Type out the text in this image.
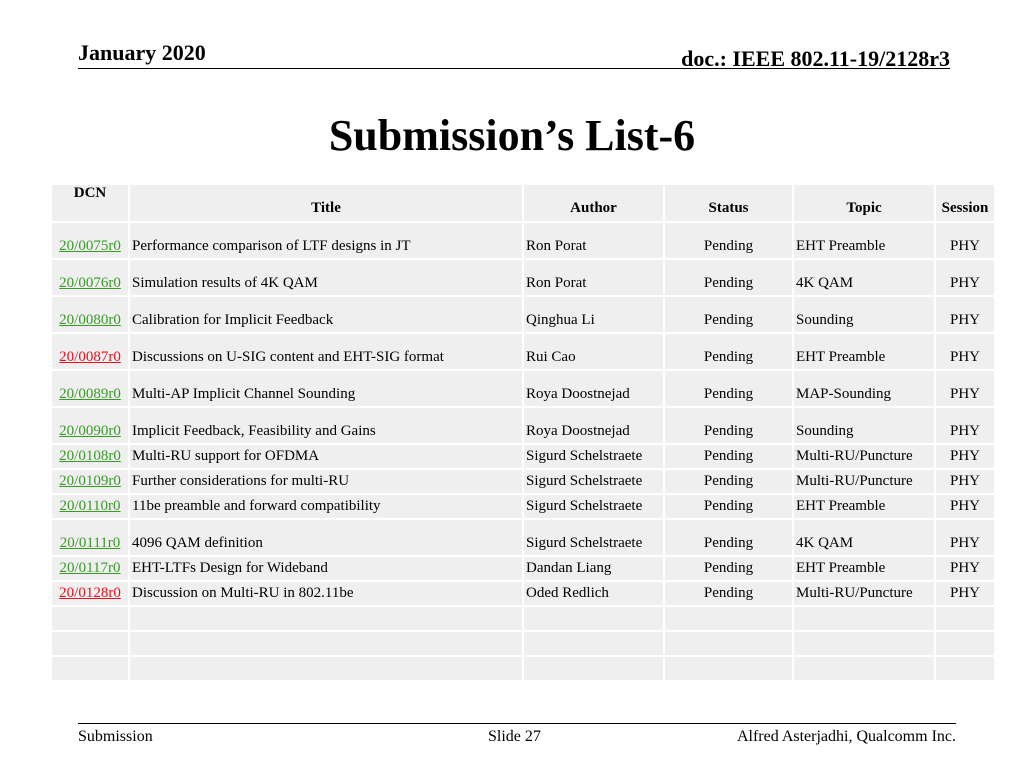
January 2020	doc.: IEEE 802.11-19/2128r3
Submission’s List-6
DCN	Title	Author	Status	Topic	Session
20/0075r0	Performance comparison of LTF designs in JT	Ron Porat	Pending	EHT Preamble	PHY
20/0076r0	Simulation results of 4K QAM	Ron Porat	Pending	4K QAM	PHY
20/0080r0	Calibration for Implicit Feedback	Qinghua Li	Pending	Sounding	PHY
20/0087r0	Discussions on U-SIG content and EHT-SIG format	Rui Cao	Pending	EHT Preamble	PHY
20/0089r0	Multi-AP Implicit Channel Sounding	Roya Doostnejad	Pending	MAP-Sounding	PHY
20/0090r0	Implicit Feedback, Feasibility and Gains	Roya Doostnejad	Pending	Sounding	PHY
20/0108r0	Multi-RU support for OFDMA	Sigurd Schelstraete	Pending	Multi-RU/Puncture	PHY
20/0109r0	Further considerations for multi-RU	Sigurd Schelstraete	Pending	Multi-RU/Puncture	PHY
20/0110r0	11be preamble and forward compatibility	Sigurd Schelstraete	Pending	EHT Preamble	PHY
20/0111r0	4096 QAM definition	Sigurd Schelstraete	Pending	4K QAM	PHY
20/0117r0	EHT-LTFs Design for Wideband	Dandan Liang	Pending	EHT Preamble	PHY
20/0128r0	Discussion on Multi-RU in 802.11be	Oded Redlich	Pending	Multi-RU/Puncture	PHY

Submission	Slide 27	Alfred Asterjadhi, Qualcomm Inc.
